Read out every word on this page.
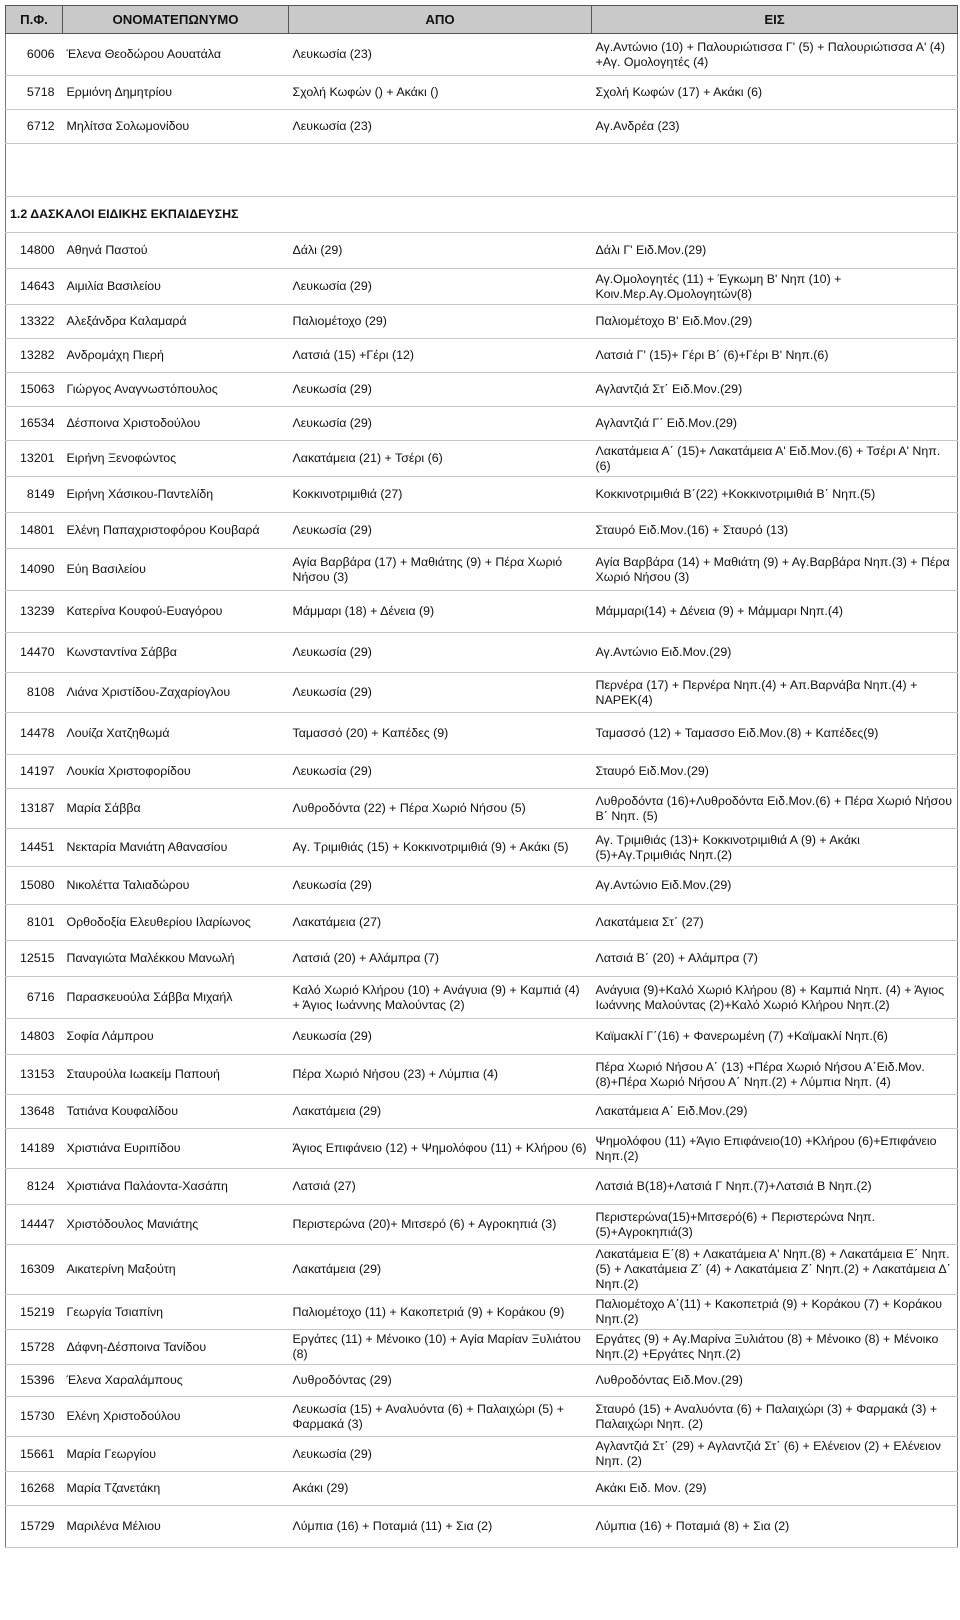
Π.Φ.	ΟΝΟΜΑΤΕΠΩΝΥΜΟ	ΑΠΟ	ΕΙΣ
6006	Έλενα Θεοδώρου Αουατάλα	Λευκωσία (23)	Αγ.Αντώνιο (10) + Παλουριώτισσα Γ' (5) + Παλουριώτισσα Α' (4) +Αγ. Ομολογητές (4)
5718	Ερμιόνη Δημητρίου	Σχολή Κωφών () + Ακάκι ()	Σχολή Κωφών (17) + Ακάκι (6)
6712	Μηλίτσα Σολωμονίδου	Λευκωσία (23)	Αγ.Ανδρέα (23)

1.2 ΔΑΣΚΑΛΟΙ ΕΙΔΙΚΗΣ ΕΚΠΑΙΔΕΥΣΗΣ			
14800	Αθηνά Παστού	Δάλι (29)	Δάλι Γ' Ειδ.Μον.(29)
14643	Αιμιλία Βασιλείου	Λευκωσία (29)	Αγ.Ομολογητές (11) + Έγκωμη Β' Νηπ (10) + Κοιν.Μερ.Αγ.Ομολογητών(8)
13322	Αλεξάνδρα Καλαμαρά	Παλιομέτοχο (29)	Παλιομέτοχο Β' Ειδ.Μον.(29)
13282	Ανδρομάχη Πιερή	Λατσιά (15) +Γέρι (12)	Λατσιά Γ' (15)+ Γέρι Β΄ (6)+Γέρι Β' Νηπ.(6)
15063	Γιώργος Αναγνωστόπουλος	Λευκωσία (29)	Αγλαντζιά Στ΄ Ειδ.Μον.(29)
16534	Δέσποινα Χριστοδούλου	Λευκωσία (29)	Αγλαντζιά Γ΄ Ειδ.Μον.(29)
13201	Ειρήνη Ξενοφώντος	Λακατάμεια (21) + Τσέρι (6)	Λακατάμεια Α΄ (15)+ Λακατάμεια Α' Ειδ.Μον.(6) + Τσέρι Α' Νηπ.(6)
8149	Ειρήνη Χάσικου-Παντελίδη	Κοκκινοτριμιθιά (27)	Κοκκινοτριμιθιά Β΄(22) +Κοκκινοτριμιθιά Β΄ Νηπ.(5)
14801	Ελένη Παπαχριστοφόρου Κουβαρά	Λευκωσία (29)	Σταυρό Ειδ.Μον.(16) + Σταυρό (13)
14090	Εύη Βασιλείου	Αγία Βαρβάρα (17) + Μαθιάτης (9) + Πέρα Χωριό Νήσου (3)	Αγία Βαρβάρα (14) + Μαθιάτη (9) + Αγ.Βαρβάρα Νηπ.(3) + Πέρα Χωριό Νήσου (3)
13239	Κατερίνα Κουφού-Ευαγόρου	Μάμμαρι (18) + Δένεια (9)	Μάμμαρι(14) + Δένεια (9) + Μάμμαρι Νηπ.(4)
14470	Κωνσταντίνα Σάββα	Λευκωσία (29)	Αγ.Αντώνιο Ειδ.Μον.(29)
8108	Λιάνα Χριστίδου-Ζαχαρίογλου	Λευκωσία (29)	Περνέρα (17) + Περνέρα Νηπ.(4) + Απ.Βαρνάβα Νηπ.(4) + ΝΑΡΕΚ(4)
14478	Λουίζα Χατζηθωμά	Ταμασσό (20) + Καπέδες (9)	Ταμασσό (12) + Ταμασσο Ειδ.Μον.(8) + Καπέδες(9)
14197	Λουκία Χριστοφορίδου	Λευκωσία (29)	Σταυρό Ειδ.Μον.(29)
13187	Μαρία Σάββα	Λυθροδόντα (22) + Πέρα Χωριό Νήσου (5)	Λυθροδόντα (16)+Λυθροδόντα Ειδ.Μον.(6) + Πέρα Χωριό Νήσου Β΄ Νηπ. (5)
14451	Νεκταρία Μανιάτη Αθανασίου	Αγ. Τριμιθιάς (15) + Κοκκινοτριμιθιά (9) + Ακάκι (5)	Αγ. Τριμιθιάς (13)+ Κοκκινοτριμιθιά Α (9) + Ακάκι (5)+Αγ.Τριμιθιάς Νηπ.(2)
15080	Νικολέττα Ταλιαδώρου	Λευκωσία (29)	Αγ.Αντώνιο Ειδ.Μον.(29)
8101	Ορθοδοξία Ελευθερίου Ιλαρίωνος	Λακατάμεια (27)	Λακατάμεια Στ΄ (27)
12515	Παναγιώτα Μαλέκκου Μανωλή	Λατσιά (20) + Αλάμπρα (7)	Λατσιά Β΄ (20) + Αλάμπρα (7)
6716	Παρασκευούλα Σάββα Μιχαήλ	Καλό Χωριό Κλήρου (10) + Ανάγυια (9) + Καμπιά (4) + Άγιος Ιωάννης Μαλούντας (2)	Ανάγυια (9)+Καλό Χωριό Κλήρου (8) + Καμπιά Νηπ. (4) + Άγιος Ιωάννης Μαλούντας (2)+Καλό Χωριό Κλήρου Νηπ.(2)
14803	Σοφία Λάμπρου	Λευκωσία (29)	Καϊμακλί Γ΄(16) + Φανερωμένη (7) +Καϊμακλί Νηπ.(6)
13153	Σταυρούλα Ιωακείμ Παπουή	Πέρα Χωριό Νήσου (23) + Λύμπια (4)	Πέρα Χωριό Νήσου Α΄ (13) +Πέρα Χωριό Νήσου Α΄Ειδ.Μον.(8)+Πέρα Χωριό Νήσου Α΄ Νηπ.(2) + Λύμπια Νηπ. (4)
13648	Τατιάνα Κουφαλίδου	Λακατάμεια (29)	Λακατάμεια Α΄ Ειδ.Μον.(29)
14189	Χριστιάνα Ευριπίδου	Άγιος Επιφάνειο (12) + Ψημολόφου (11) + Κλήρου (6)	Ψημολόφου (11) +Άγιο Επιφάνειο(10) +Κλήρου (6)+Επιφάνειο Νηπ.(2)
8124	Χριστιάνα Παλάοντα-Χασάπη	Λατσιά (27)	Λατσιά Β(18)+Λατσιά Γ Νηπ.(7)+Λατσιά Β Νηπ.(2)
14447	Χριστόδουλος Μανιάτης	Περιστερώνα (20)+ Μιτσερό (6) + Αγροκηπιά (3)	Περιστερώνα(15)+Μιτσερό(6) + Περιστερώνα Νηπ.(5)+Αγροκηπιά(3)
16309	Αικατερίνη Μαξούτη	Λακατάμεια (29)	Λακατάμεια Ε΄(8) + Λακατάμεια Α' Νηπ.(8) + Λακατάμεια Ε΄ Νηπ.(5) + Λακατάμεια Ζ΄ (4) + Λακατάμεια Ζ΄ Νηπ.(2) + Λακατάμεια Δ΄ Νηπ.(2)
15219	Γεωργία Τσιαπίνη	Παλιομέτοχο (11) + Κακοπετριά (9) + Κοράκου (9)	Παλιομέτοχο Α΄(11) + Κακοπετριά (9) + Κοράκου (7) + Κοράκου Νηπ.(2)
15728	Δάφνη-Δέσποινα Τανίδου	Εργάτες (11) + Μένοικο (10) + Αγία Μαρίαν Ξυλιάτου (8)	Εργάτες (9) + Αγ.Μαρίνα Ξυλιάτου (8) + Μένοικο (8) + Μένοικο Νηπ.(2) +Εργάτες Νηπ.(2)
15396	Έλενα Χαραλάμπους	Λυθροδόντας (29)	Λυθροδόντας Ειδ.Μον.(29)
15730	Ελένη Χριστοδούλου	Λευκωσία (15) + Αναλυόντα (6) + Παλαιχώρι (5) + Φαρμακά (3)	Σταυρό (15) + Αναλυόντα (6) + Παλαιχώρι (3) + Φαρμακά (3) + Παλαιχώρι Νηπ. (2)
15661	Μαρία Γεωργίου	Λευκωσία (29)	Αγλαντζιά Στ΄ (29) + Αγλαντζιά Στ΄ (6) + Ελένειον (2) + Ελένειον Νηπ. (2)
16268	Μαρία Τζανετάκη	Ακάκι (29)	Ακάκι Ειδ. Μον. (29)
15729	Μαριλένα Μέλιου	Λύμπια (16) + Ποταμιά (11) + Σια (2)	Λύμπια (16) + Ποταμιά (8) + Σια (2)
